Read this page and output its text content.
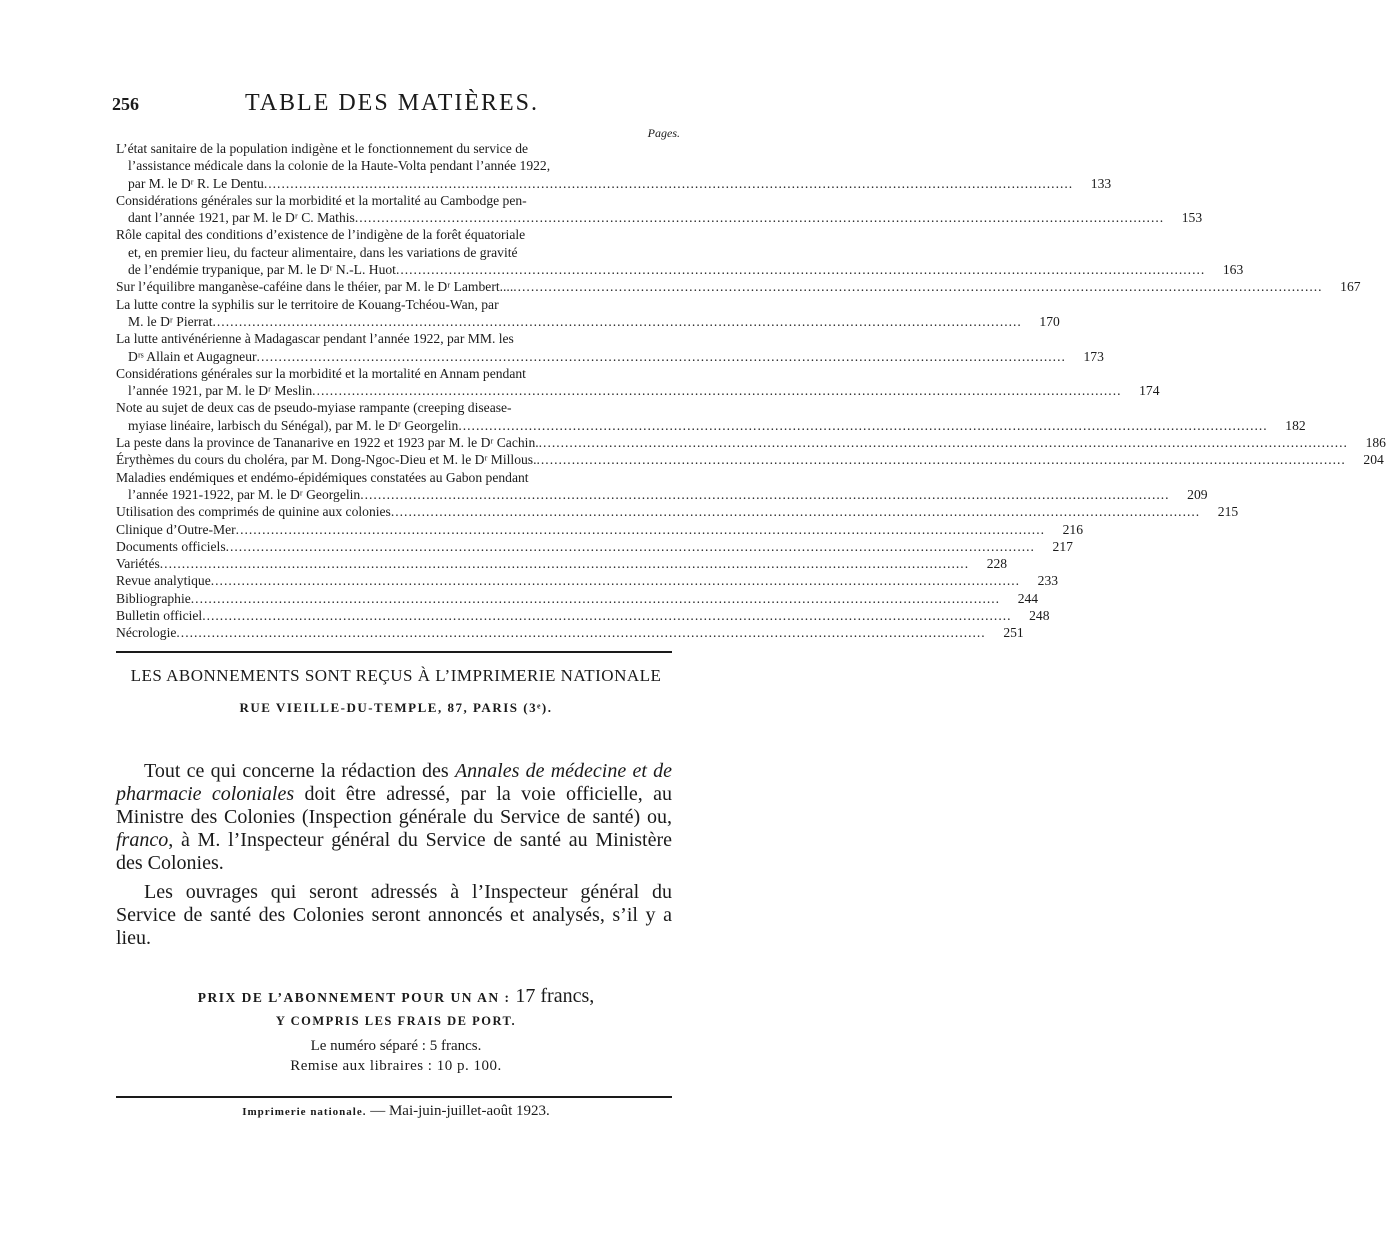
256	TABLE DES MATIÈRES.
Pages.
L’état sanitaire de la population indigène et le fonctionnement du service de
l’assistance médicale dans la colonie de la Haute-Volta pendant l’année 1922,
par M. le Dʳ R. Le Dentu .....	133
Considérations générales sur la morbidité et la mortalité au Cambodge pen-
dant l’année 1921, par M. le Dʳ C. Mathis .....	153
Rôle capital des conditions d’existence de l’indigène de la forêt équatoriale
et, en premier lieu, du facteur alimentaire, dans les variations de gravité
de l’endémie trypanique, par M. le Dʳ N.-L. Huot .....	163
Sur l’équilibre manganèse-caféine dans le théier, par M. le Dʳ Lambert.... .....	167
La lutte contre la syphilis sur le territoire de Kouang-Tchéou-Wan, par
M. le Dʳ Pierrat .....	170
La lutte antivénérienne à Madagascar pendant l’année 1922, par MM. les
Dʳˢ Allain et Augagneur .....	173
Considérations générales sur la morbidité et la mortalité en Annam pendant
l’année 1921, par M. le Dʳ Meslin .....	174
Note au sujet de deux cas de pseudo-myiase rampante (creeping disease-
myiase linéaire, larbisch du Sénégal), par M. le Dʳ Georgelin .....	182
La peste dans la province de Tananarive en 1922 et 1923 par M. le Dʳ Cachin. .....	186
Érythèmes du cours du choléra, par M. Dong-Ngoc-Dieu et M. le Dʳ Millous. .....	204
Maladies endémiques et endémo-épidémiques constatées au Gabon pendant
l’année 1921-1922, par M. le Dʳ Georgelin .....	209
Utilisation des comprimés de quinine aux colonies .....	215
Clinique d’Outre-Mer .....	216
Documents officiels .....	217
Variétés .....	228
Revue analytique .....	233
Bibliographie .....	244
Bulletin officiel .....	248
Nécrologie .....	251
LES ABONNEMENTS SONT REÇUS À L’IMPRIMERIE NATIONALE
RUE VIEILLE-DU-TEMPLE, 87, PARIS (3ᵉ).

Tout ce qui concerne la rédaction des Annales de médecine et de pharmacie coloniales doit être adressé, par la voie officielle, au Ministre des Colonies (Inspection générale du Service de santé) ou, franco, à M. l’Inspecteur général du Service de santé au Ministère des Colonies.

Les ouvrages qui seront adressés à l’Inspecteur général du Service de santé des Colonies seront annoncés et analysés, s’il y a lieu.

PRIX DE L’ABONNEMENT POUR UN AN : 17 francs,
Y COMPRIS LES FRAIS DE PORT.
Le numéro séparé : 5 francs.
Remise aux libraires : 10 p. 100.
Imprimerie nationale. — Mai-juin-juillet-août 1923.
